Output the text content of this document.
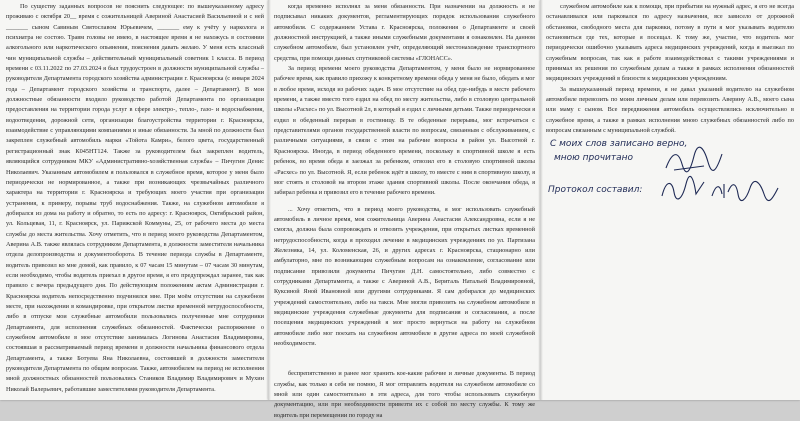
По существу заданных вопросов не пояснить следующее: по вышеуказанному адресу проживаю с октября 20__ время с сожительницей Авериной Анастасией Васильевной и с ней _______ сыном Савиным Святославом Юрьевичем, _______ ему к учёту у нарколога и психиатра не состою. Травм головы не имею, в настоящее время я не нахожусь в состоянии алкогольного или наркотического опьянения, пояснения давать желаю. У меня есть классный чин муниципальной службы – действительный муниципальный советник 1 класса. В период времени с 03.11.2022 по 27.03.2024 я был трудоустроен в должности муниципальной службы – руководителя Департамента городского хозяйства администрации г. Красноярска (с января 2024 года – Департамент городского хозяйства и транспорта, далее – Департамент). В мои должностные обязанности входило руководство работой Департамента по организации предоставления на территории города услуг в сфере электро-, тепло-, газо- и водоснабжения, водоотведения, дорожной сети, организации благоустройства территории г. Красноярска, взаимодействие с управляющими компаниями и иные обязанности. За мной по должности был закреплен служебный автомобиль марки «Тойота Камри», белого цвета, государственный регистрационный знак К045НТ124. Также за руководителем был закреплен водитель, являющийся сотрудником МКУ «Административно-хозяйственная служба» – Пичугин Денис Николаевич. Указанным автомобилем я пользовался в служебное время, которое у меня было периодически не нормированное, а также при возникающих чрезвычайных различного характера на территории г. Красноярска и требующих моего участия при организации устранения, к примеру, порывы труб водоснабжения. Также, на служебном автомобиле я добирался из дома на работу и обратно, то есть по адресу: г. Красноярск, Октябрьский район, ул. Кольцевая, 11, г. Красноярск, ул. Парижской Коммуны, 25, от рабочего места до места службы до места жительства. Хочу отметить, что в период моего руководства Департаментом, Аверина А.В. также являлась сотрудником Департамента, в должности заместителя начальника отдела делопроизводства и документооборота. В течение периода службы в Департаменте, водитель привозил ко мне домой, как правило, к 07 часам 15 минутам – 07 часам 30 минутам, если необходимо, чтобы водитель приехал в другое время, я его предупреждал заранее, так как правило с вечера предыдущего дня. По действующим положениям актам Администрации г. Красноярска водитель непосредственно подчинялся мне. При моём отсутствии на служебном месте, при нахождении в командировке, при открытом листке временной нетрудоспособности, либо в отпуске мои служебные автомобили пользовались полученные мне сотрудники Департамента, для исполнения служебных обязанностей. Фактически распоряжение о служебном автомобиле в мое отсутствие занималась Логинова Анастасия Владимировна, состоявшая в рассматриваемый период времени в должности начальника финансового отдела Департамента, а также Ботуева Яна Николаевна, состоявшей в должности заместителя руководителя Департамента по общим вопросам. Также, автомобилем на период не исполнения мной должностных обязанностей пользовались Стаников Владимир Владимирович и Мухин Николай Валерьевич, работавшие заместителями руководителя Департамента.

когда временно исполнял за меня обязанности. При назначении на должность я не подписывал никаких документов, регламентирующих порядок использования служебного автомобиля. С содержанием Устава г. Красноярска, положения о Департаменте и своей должностной инструкцией, а также иными служебными документами я ознакомлен. На данном служебном автомобиле, был установлен учёт, определяющий местонахождение транспортного средства, при помощи данных спутниковой системы «ГЛОНАСС».

За период времени моего руководства Департаментом, у меня было не нормированное рабочее время, как правило прихожу к конкретному времени обеда у меня не было, обедать я мог в любое время, исходя из рабочих задач. В мое отсутствие на обед где-нибудь в месте рабочего времени, а также вместо того ездил на обед по месту жительства, либо в столовую центральной школы «Расхес» по ул. Высотной 2л, в который я ездил с личными детьми. Также периодически я ездил в обеденный перерыв в гостиницу. В те обеденные перерывы, мог встречаться с представителями органов государственной власти по вопросам, связанным с обслуживанием, с различными ситуациями, в связи с этим на рабочие вопросы в район ул. Высотной г. Красноярска. Иногда, в период обеденного времени, поскольку в спортивной школе я есть ребенок, во время обеда я заезжал за ребенком, отвозил его в столовую спортивной школы «Расхес» по ул. Высотной. Я, если ребенок идёт в школу, то вместе с ним в спортивную школу, я мог стоять в столовой на втором этаже здания спортивной школы. После окончания обеда, я забирал ребенка и привозил его в течение рабочего времени.

... Хочу отметить, что в период моего руководства, я мог использовать служебный автомобиль в личное время, моя сожительница Аверина Анастасия Александровна, если я не смогла, должна была сопровождать и отвозить учреждения, при открытых листках временной нетрудоспособности, когда я проходил лечение в медицинских учреждениях по ул. Партизана Железняка, 14, ул. Коломенская, 26, и других адресах г. Красноярска, стационарно или амбулаторно, мне по возникающим служебным вопросам на ознакомление, согласование или подписание привозили документы Пичугин Д.Н. самостоятельно, либо совместно с сотрудниками Департамента, а также с Авериной А.В., Бериталь Натальей Владимировной, Куксиной Яной Ивановной или другими сотрудниками. Я сам добирался до медицинских учреждений самостоятельно, либо на такси. Мне могли привозить на служебном автомобиле в медицинские учреждения служебные документы для подписания и согласования, а после посещения медицинских учреждений я мог просто вернуться на работу на служебном автомобиле либо мог поехать на служебном автомобиле в другие адреса по моей служебной необходимости.

беспрепятственно и ранее мог хранить кое-какие рабочие и личные документы. В период службы, как только я себя не помню, Я мог отправлять водителя на служебном автомобиле со мной или один самостоятельно в эти адреса, для того чтобы использовать служебную документацию, или при необходимости привезти их с собой по месту службы. К тому же водитель при перемещении по городу на

служебном автомобиле как к помощи, при прибытии на нужный адрес, я его не всегда останавливался или парковался по адресу назначения, все зависело от дорожной обстановки, свободного места для парковки, потому в пути я мог указывать водителю остановиться где тех, которые я посещал. К тому же, участие, что водитель мог периодически ошибочно указывать адреса медицинских учреждений, когда я выезжал по служебным вопросам, так как я работе взаимодействовал с такими учреждениями и принимал их решения по служебным делам а также в рамках исполнения обязанностей медицинских учреждений в близости к медицинским учреждениям.

За вышеуказанный период времени, я не давал указаний водителю на служебном автомобиле перевозить по моим личным делам или перевозить Аверину А.В., моего сына или маму с сыном. Все передвижения автомобиль осуществлялись исключительно в служебное время, а также в рамках исполнения мною служебных обязанностей либо по вопросам связанным с муниципальной службой.

С моих слов записано верно,
мною прочитано
Протокол составил:
